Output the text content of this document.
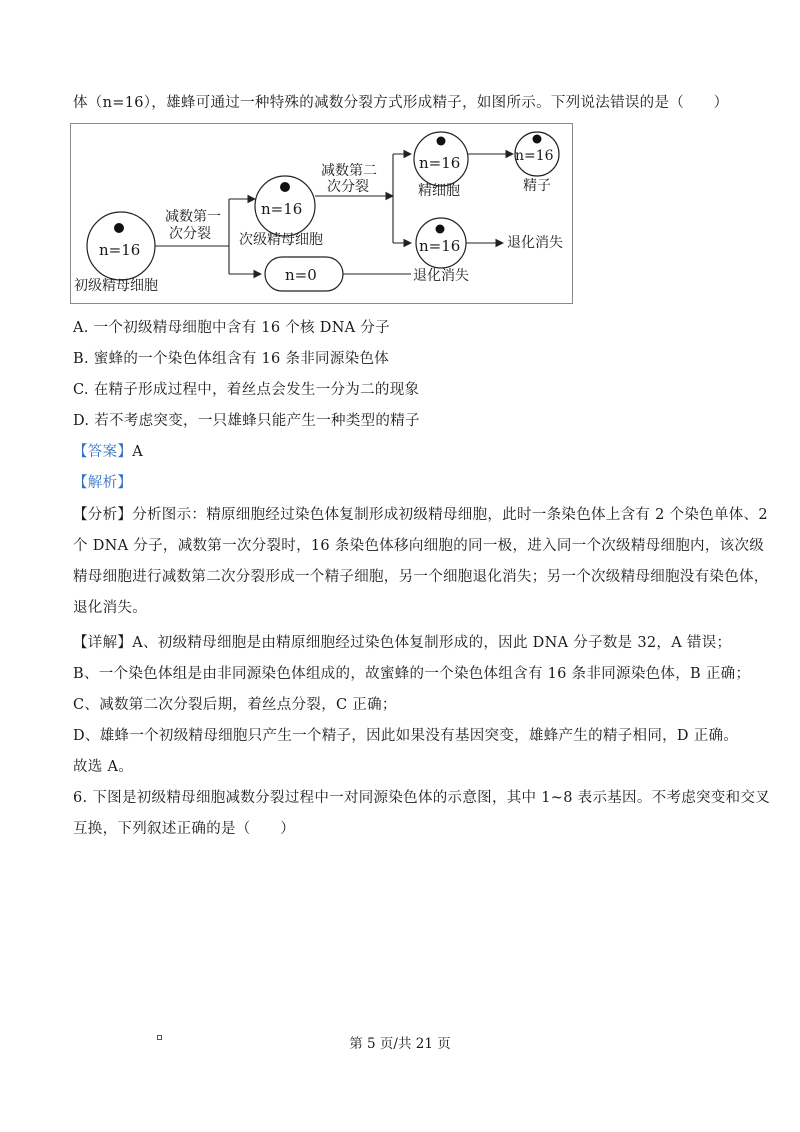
体（n=16），雄蜂可通过一种特殊的减数分裂方式形成精子，如图所示。下列说法错误的是（　　）
n=16
初级精母细胞
减数第一
次分裂
n=16
次级精母细胞
n=0	退化消失
减数第二
次分裂
n=16
精细胞
n=16
精子
n=16	退化消失
A. 一个初级精母细胞中含有 16 个核 DNA 分子
B. 蜜蜂的一个染色体组含有 16 条非同源染色体
C. 在精子形成过程中，着丝点会发生一分为二的现象
D. 若不考虑突变，一只雄蜂只能产生一种类型的精子
【答案】A
【解析】
【分析】分析图示：精原细胞经过染色体复制形成初级精母细胞，此时一条染色体上含有 2 个染色单体、2
个 DNA 分子，减数第一次分裂时，16 条染色体移向细胞的同一极，进入同一个次级精母细胞内，该次级
精母细胞进行减数第二次分裂形成一个精子细胞，另一个细胞退化消失；另一个次级精母细胞没有染色体，
退化消失。
【详解】A、初级精母细胞是由精原细胞经过染色体复制形成的，因此 DNA 分子数是 32，A 错误；
B、一个染色体组是由非同源染色体组成的，故蜜蜂的一个染色体组含有 16 条非同源染色体，B 正确；
C、减数第二次分裂后期，着丝点分裂，C 正确；
D、雄蜂一个初级精母细胞只产生一个精子，因此如果没有基因突变，雄蜂产生的精子相同，D 正确。
故选 A。
6. 下图是初级精母细胞减数分裂过程中一对同源染色体的示意图，其中 1~8 表示基因。不考虑突变和交叉
互换，下列叙述正确的是（　　）
第 5 页/共 21 页
